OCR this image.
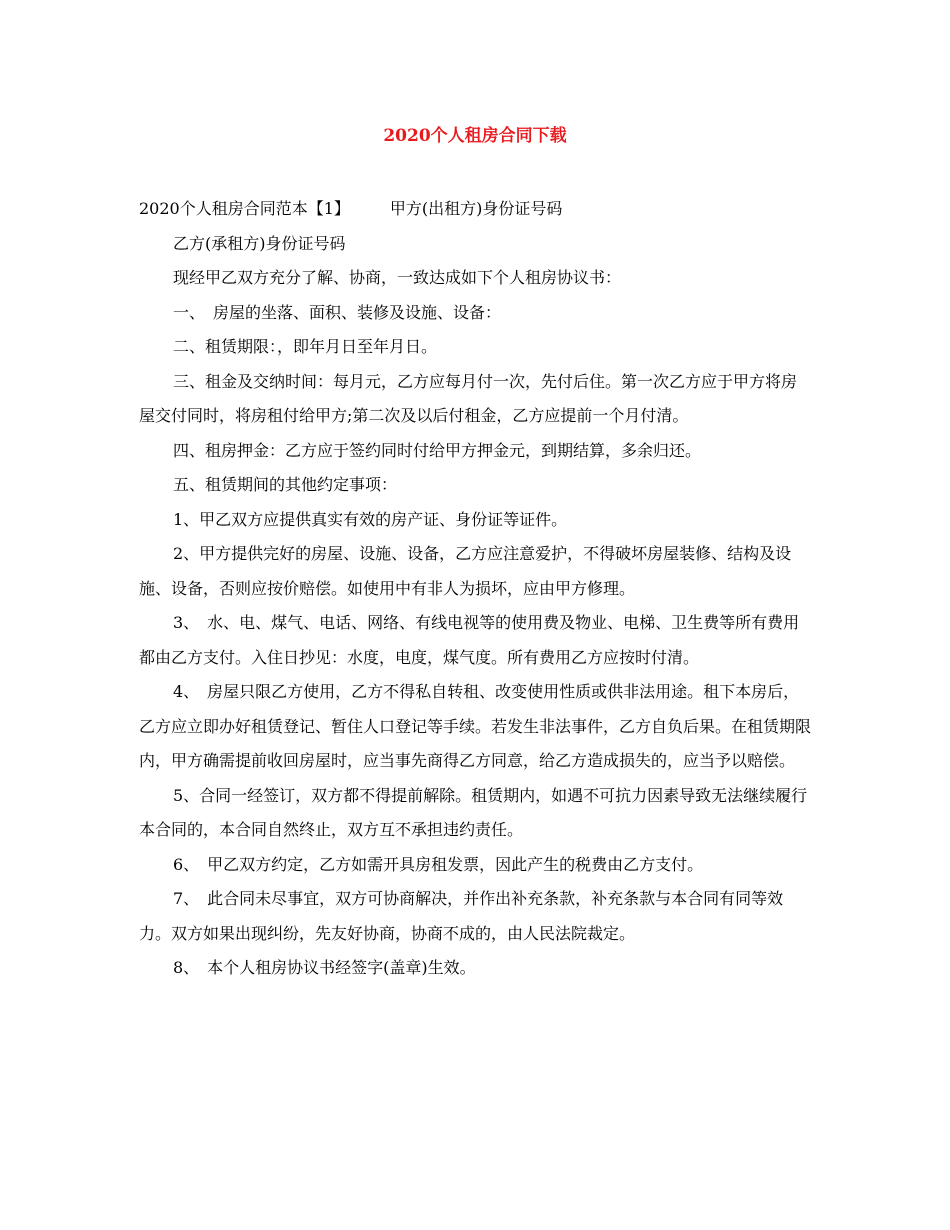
2020个人租房合同下载

2020个人租房合同范本【1】　　　甲方(出租方)身份证号码

乙方(承租方)身份证号码

现经甲乙双方充分了解、协商，一致达成如下个人租房协议书：

一、　房屋的坐落、面积、装修及设施、设备：

二、租赁期限：，即年月日至年月日。

三、租金及交纳时间：每月元，乙方应每月付一次，先付后住。第一次乙方应于甲方将房屋交付同时，将房租付给甲方;第二次及以后付租金，乙方应提前一个月付清。

四、租房押金：乙方应于签约同时付给甲方押金元，到期结算，多余归还。

五、租赁期间的其他约定事项：

1、甲乙双方应提供真实有效的房产证、身份证等证件。

2、甲方提供完好的房屋、设施、设备，乙方应注意爱护，不得破坏房屋装修、结构及设施、设备，否则应按价赔偿。如使用中有非人为损坏，应由甲方修理。

3、　水、电、煤气、电话、网络、有线电视等的使用费及物业、电梯、卫生费等所有费用都由乙方支付。入住日抄见：水度，电度，煤气度。所有费用乙方应按时付清。

4、　房屋只限乙方使用，乙方不得私自转租、改变使用性质或供非法用途。租下本房后，乙方应立即办好租赁登记、暂住人口登记等手续。若发生非法事件，乙方自负后果。在租赁期限内，甲方确需提前收回房屋时，应当事先商得乙方同意，给乙方造成损失的，应当予以赔偿。

5、合同一经签订，双方都不得提前解除。租赁期内，如遇不可抗力因素导致无法继续履行本合同的，本合同自然终止，双方互不承担违约责任。

6、　甲乙双方约定，乙方如需开具房租发票，因此产生的税费由乙方支付。

7、　此合同未尽事宜，双方可协商解决，并作出补充条款，补充条款与本合同有同等效力。双方如果出现纠纷，先友好协商，协商不成的，由人民法院裁定。

8、　本个人租房协议书经签字(盖章)生效。
